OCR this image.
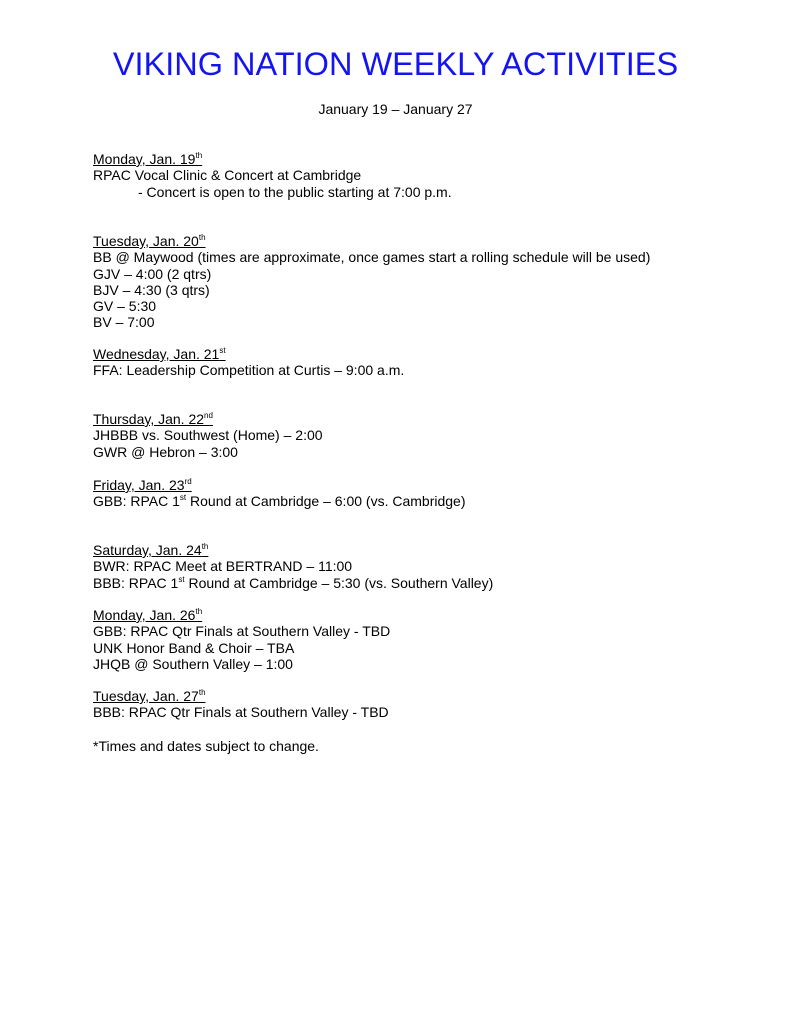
VIKING NATION WEEKLY ACTIVITIES
January 19 – January 27
Monday, Jan. 19th
RPAC Vocal Clinic & Concert at Cambridge
- Concert is open to the public starting at 7:00 p.m.
Tuesday, Jan. 20th
BB @ Maywood (times are approximate, once games start a rolling schedule will be used)
GJV – 4:00 (2 qtrs)
BJV – 4:30 (3 qtrs)
GV – 5:30
BV – 7:00
Wednesday, Jan. 21st
FFA: Leadership Competition at Curtis – 9:00 a.m.
Thursday, Jan. 22nd
JHBBB vs. Southwest (Home) – 2:00
GWR @ Hebron – 3:00
Friday, Jan. 23rd
GBB: RPAC 1st Round at Cambridge – 6:00 (vs. Cambridge)
Saturday, Jan. 24th
BWR: RPAC Meet at BERTRAND – 11:00
BBB: RPAC 1st Round at Cambridge – 5:30 (vs. Southern Valley)
Monday, Jan. 26th
GBB: RPAC Qtr Finals at Southern Valley - TBD
UNK Honor Band & Choir – TBA
JHQB @ Southern Valley – 1:00
Tuesday, Jan. 27th
BBB: RPAC Qtr Finals at Southern Valley - TBD
*Times and dates subject to change.
